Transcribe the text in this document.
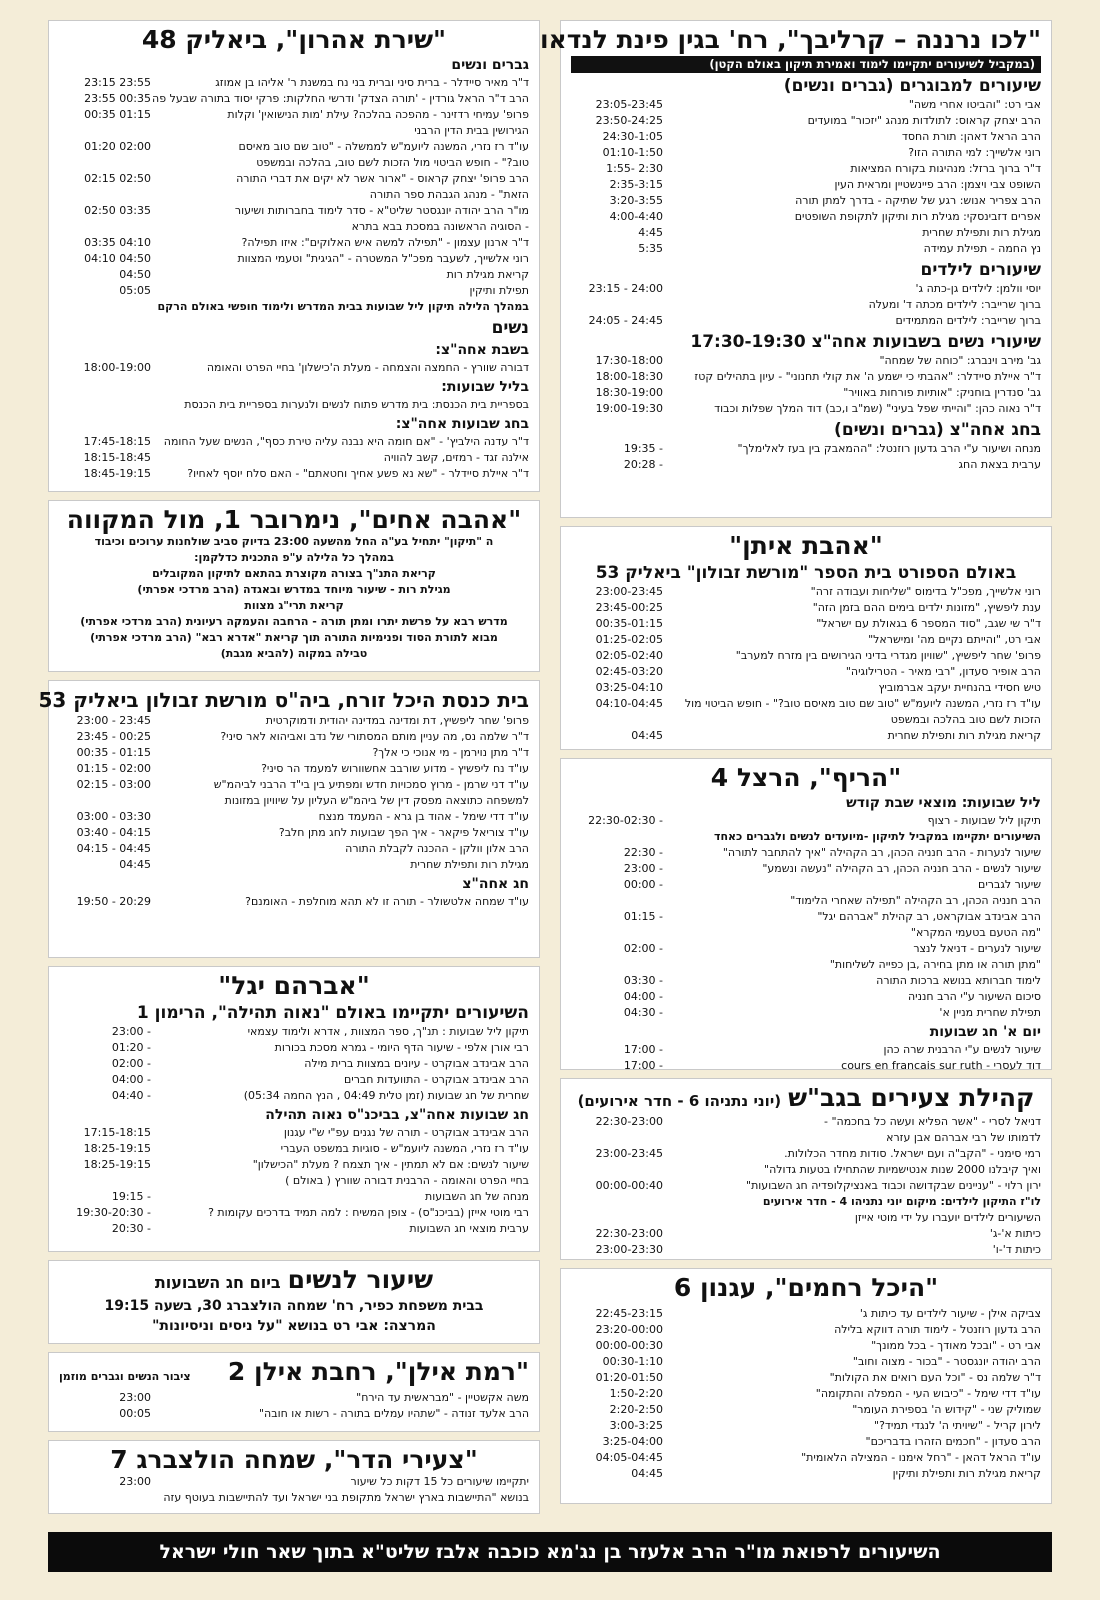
"לכו נרננה – קרליבך", רח' בגין פינת לנדאו
(במקביל לשיעורים יתקיימו לימוד ואמירת תיקון באולם הקטן)
שיעורים למבוגרים (גברים ונשים)
אבי רט: "והביטו אחרי משה"
23:05-23:45
הרב יצחק קראוס: לתולדות מנהג "יזכור" במועדים
23:50-24:25
הרב הראל דאהן: תורת החסד
24:30-1:05
רוני אלשייך: למי התורה הזו?
01:10-1:50
ד"ר ברוך ברזל: מנהיגות בקורח המציאות
1:55- 2:30
השופט צבי ויצמן: הרב פיינשטיין ומראית העין
2:35-3:15
הרב צפריר אנוש: רגע של שתיקה - בדרך למתן תורה
3:20-3:55
אפרים דזבינסקי: מגילת רות ותיקון לתקופת השופטים
4:00-4:40
מגילת רות ותפילת שחרית
4:45
נץ החמה - תפילת עמידה
5:35
שיעורים לילדים
יוסי וולמן: לילדים גן-כתה ג'
23:15 - 24:00
ברוך שרייבר: לילדים מכתה ד' ומעלה
ברוך שרייבר: לילדים המתמידים
24:05 - 24:45
שיעורי נשים בשבועות אחה"צ 17:30-19:30
גב' מירב וינברג: "כוחה של שמחה"
17:30-18:00
ד"ר איילת סיידלר: "אהבתי כי ישמע ה' את קולי תחנוני" - עיון בתהילים קטז
18:00-18:30
גב' סנדרין בוחניק: "אותיות פורחות באוויר"
18:30-19:00
ד"ר נאוה כהן: "והייתי שפל בעיני" (שמ"ב ו,כב) דוד המלך שפלות וכבוד
19:00-19:30
בחג אחה"צ (גברים ונשים)
מנחה ושיעור ע"י הרב גדעון רוזנטל: "ההמאבק בין בעז לאלימלך"
19:35 -
ערבית בצאת החג
20:28 -
"אהבת איתן"
באולם הספורט בית הספר "מורשת זבולון" ביאליק 53
רוני אלשייך, מפכ"ל בדימוס "שליחות ועבודה זרה"
23:00-23:45
ענת ליפשיץ, "מזונות ילדים בימים ההם בזמן הזה"
23:45-00:25
ד"ר שי שגב, "סוד המספר 6 בגאולת עם ישראל"
00:35-01:15
אבי רט, "והייתם נקיים מה' ומישראל"
01:25-02:05
פרופ' שחר ליפשיץ, "שוויון מגדרי בדיני הגירושים בין מזרח למערב"
02:05-02:40
הרב אופיר סעדון, "רבי מאיר - הטרילוגיה"
02:45-03:20
טיש חסידי בהנחיית יעקב אברמוביץ
03:25-04:10
עו"ד רז נזרי, המשנה ליועמ"ש "טוב שם טוב מאיסם טוב?" - חופש הביטוי מול
04:10-04:45
הזכות לשם טוב בהלכה ובמשפט
קריאת מגילת רות ותפילת שחרית
04:45
"הריף", הרצל 4
ליל שבועות: מוצאי שבת קודש
תיקון ליל שבועות - רצוף
22:30-02:30 -
השיעורים יתקיימו במקביל לתיקון -מיועדים לנשים ולגברים כאחד
שיעור לנערות - הרב חנניה הכהן, רב הקהילה "איך להתחבר לתורה"
22:30 -
שיעור לנשים - הרב חנניה הכהן, רב הקהילה "נעשה ונשמע"
23:00 -
שיעור לגברים
00:00 -
הרב חנניה הכהן, רב הקהילה "תפילה שאחרי הלימוד"
הרב אבינדב אבוקראט, רב קהילת "אברהם יגל"
01:15 -
"מה הטעם בטעמי המקרא"
שיעור לנערים - דניאל לנצר
02:00 -
"מתן תורה או מתן בחירה ,בן כפייה לשליחות"
לימוד חברותא בנושא ברכות התורה
03:30 -
סיכום השיעור ע"י הרב חנניה
04:00 -
תפילת שחרית מניין א'
04:30 -
יום א' חג שבועות
שיעור לנשים ע"י הרבנית שרה כהן
17:00 -
דוד לעסרי - cours en francais sur ruth
17:00 -
קהילת צעירים בגב"ש (יוני נתניהו 6 - חדר אירועים)
דניאל לסרי - "אשר הפליא ועשה כל בחכמה" -
22:30-23:00
לדמותו של רבי אברהם אבן עזרא
רמי סימני - "הקב"ה ועם ישראל. סודות מחדר הכלולות.
23:00-23:45
ואיך קיבלנו 2000 שנות אנטישמיות שהתחילו בטעות גדולה"
ירון רלוי - "עניינים שבקדושה וכבוד באנציקלופדיה חג השבועות"
00:00-00:40
לו"ז התיקון לילדים: מיקום יוני נתניהו 4 - חדר אירועים
השיעורים לילדים יועברו על ידי מוטי אייזן
כיתות א'-ג'
22:30-23:00
כיתות ד'-ו'
23:00-23:30
"היכל רחמים", עגנון 6
צביקה אילן - שיעור לילדים עד כיתות ג'
22:45-23:15
הרב גדעון רוזנטל - לימוד תורה דווקא בלילה
23:20-00:00
אבי רט - "ובכל מאודך - בכל ממונך"
00:00-00:30
הרב יהודה יונגסטר - "בכור - מצוה וחוב"
00:30-1:10
ד"ר שלמה נס - "וכל העם רואים את הקולות"
01:20-01:50
עו"ד דדי שימל - "כיבוש העי - המפלה והתקומה"
1:50-2:20
שמוליק שני - "קידוש ה' בספירת העומר"
2:20-2:50
לירון קריל - "שיויתי ה' לנגדי תמיד?"
3:00-3:25
הרב סעדון - "חכמים הזהרו בדבריכם"
3:25-04:00
עו"ד הראל דהאן - "רחל אימנו - המצילה הלאומית"
04:05-04:45
קריאת מגילת רות ותפילת ותיקין
04:45
"שירת אהרון", ביאליק 48
גברים ונשים
ד"ר מאיר סיידלר - ברית סיני וברית בני נח במשנת ר' אליהו בן אמוזג
23:15 23:55
הרב ד"ר הראל גורדין - 'תורה הצדק' ודרשי החלקות: פרקי יסוד בתורה שבעל פה
23:55 00:35
פרופ' עמיחי רדזינר - מהפכה בהלכה? עילת 'מות הנישואין' וקלות
00:35 01:15
הגירושין בבית הדין הרבני
עו"ד רז נזרי, המשנה ליועמ"ש לממשלה - "טוב שם טוב מאיסם
01:20 02:00
טוב?" - חופש הביטוי מול הזכות לשם טוב, בהלכה ובמשפט
הרב פרופ' יצחק קראוס - "ארור אשר לא יקים את דברי התורה
02:15 02:50
הזאת" - מנהג הגבהת ספר התורה
מו"ר הרב יהודה יונגסטר שליט"א - סדר לימוד בחברותות ושיעור
02:50 03:35
- הסוגיה הראשונה במסכת בבא בתרא
ד"ר ארנון עצמון - "תפילה למשה איש האלוקים": איזו תפילה?
03:35 04:10
רוני אלשייך, לשעבר מפכ"ל המשטרה - "הגיגית" וטעמי המצוות
04:10 04:50
קריאת מגילת רות
04:50
תפילת ותיקין
05:05
במהלך הלילה תיקון ליל שבועות בבית המדרש ולימוד חופשי באולם הרקם
נשים
בשבת אחה"צ:
דבורה שוורץ - החמצה והצמחה - מעלת ה'כישלון' בחיי הפרט והאומה
18:00-19:00
בליל שבועות:
בספריית בית הכנסת: בית מדרש פתוח לנשים ולנערות בספריית בית הכנסת
בחג שבועות אחה"צ:
ד"ר עדנה הילביץ' - "אם חומה היא נבנה עליה טירת כסף", הנשים שעל החומה
17:45-18:15
אילנה זגד - רמזים, קשב להוויה
18:15-18:45
ד"ר איילת סיידלר - "שא נא פשע אחיך וחטאתם" - האם סלח יוסף לאחיו?
18:45-19:15
"אהבה אחים", נימרובר 1, מול המקווה
ה "תיקון" יתחיל בע"ה החל מהשעה 23:00 בדיוק סביב שולחנות ערוכים וכיבוד
במהלך כל הלילה ע"פ התכנית כדלקמן:
קריאת התנ"ך בצורה מקוצרת בהתאם לתיקון המקובלים
מגילת רות - שיעור מיוחד במדרש ובאגדה (הרב מרדכי אפרתי)
קריאת תרי"ג מצוות
מדרש רבא על פרשת יתרו ומתן תורה - הרחבה והעמקה רעיונית (הרב מרדכי אפרתי)
מבוא לתורת הסוד ופנימיות התורה תוך קריאת "אדרא רבא" (הרב מרדכי אפרתי)
טבילה במקוה (להביא מגבת)
בית כנסת היכל זורח, ביה"ס מורשת זבולון ביאליק 53
פרופ' שחר ליפשיץ, דת ומדינה במדינה יהודית ודמוקרטית
23:00 - 23:45
ד"ר שלמה נס, מה עניין מותם המסתורי של נדב ואביהוא לאר סיני?
23:45 - 00:25
ד"ר מתן נוירמן - מי אנוכי כי אלך?
00:35 - 01:15
עו"ד נח ליפשיץ - מדוע שורבב אחשוורוש למעמד הר סיני?
01:15 - 02:00
עו"ד דני שרמן - מרוץ סמכויות חדש ומפתיע בין בי"ד הרבני לביהמ"ש
02:15 - 03:00
למשפחה כתוצאה מפסק דין של ביהמ"ש העליון על שיוויון במזונות
עו"ד דדי שימל - אהוד בן גרא - המעמד מנצח
03:00 - 03:30
עו"ד צוריאל פיקאר - איך הפך שבועות לחג מתן חלב?
03:40 - 04:15
הרב אלון וולקן - ההכנה לקבלת התורה
04:15 - 04:45
מגילת רות ותפילת שחרית
04:45
חג אחה"צ
עו"ד שמחה אלטשולר - תורה זו לא תהא מוחלפת - האומנם?
19:50 - 20:29
"אברהם יגל"
השיעורים יתקיימו באולם "נאוה תהילה", הרימון 1
תיקון ליל שבועות : תנ"ך, ספר המצוות , אדרא ולימוד עצמאי
23:00 -
רבי אורן אלפי - שיעור הדף היומי - גמרא מסכת בכורות
01:20 -
הרב אבינדב אבוקרט - עיונים במצוות ברית מילה
02:00 -
הרב אבינדב אבוקרט - התוועדות חברים
04:00 -
שחרית של חג שבועות (זמן טלית 04:49 , הנץ החמה 05:34)
04:40 -
חג שבועות אחה"צ, בביכנ"ס נאוה תהילה
הרב אבינדב אבוקרט - תורה של נגנים עפ"י ש"י עגנון
17:15-18:15
עו"ד רז נזרי, המשנה ליועמ"ש - סוגיות במשפט העברי
18:25-19:15
שיעור לנשים: אם לא תמתין - איך תצמח ? מעלת "הכישלון"
18:25-19:15
בחיי הפרט והאומה - הרבנית דבורה שוורץ ( באולם )
מנחה של חג השבועות
19:15 -
רבי מוטי אייזן (בביכנ"ס) - צופן המשיח : למה תמיד בדרכים עקומות ?
19:30-20:30 -
ערבית מוצאי חג השבועות
20:30 -
שיעור לנשים ביום חג השבועות
בבית משפחת כפיר, רח' שמחה הולצברג 30, בשעה 19:15
המרצה: אבי רט בנושא "על ניסים וניסיונות"
"רמת אילן", רחבת אילן 2
ציבור הנשים וגברים מוזמן
משה אקשטיין - "מבראשית עד הירח"
23:00
הרב אלעד זנודה - "שתהיו עמלים בתורה - רשות או חובה"
00:05
"צעירי הדר", שמחה הולצברג 7
יתקיימו שיעורים כל 15 דקות כל שיעור
23:00
בנושא "התיישבות בארץ ישראל מתקופת בני ישראל ועד להתיישבות בעוטף עזה
השיעורים לרפואת מו"ר הרב אלעזר בן נג'מא כוכבה אלבז שליט"א בתוך שאר חולי ישראל
